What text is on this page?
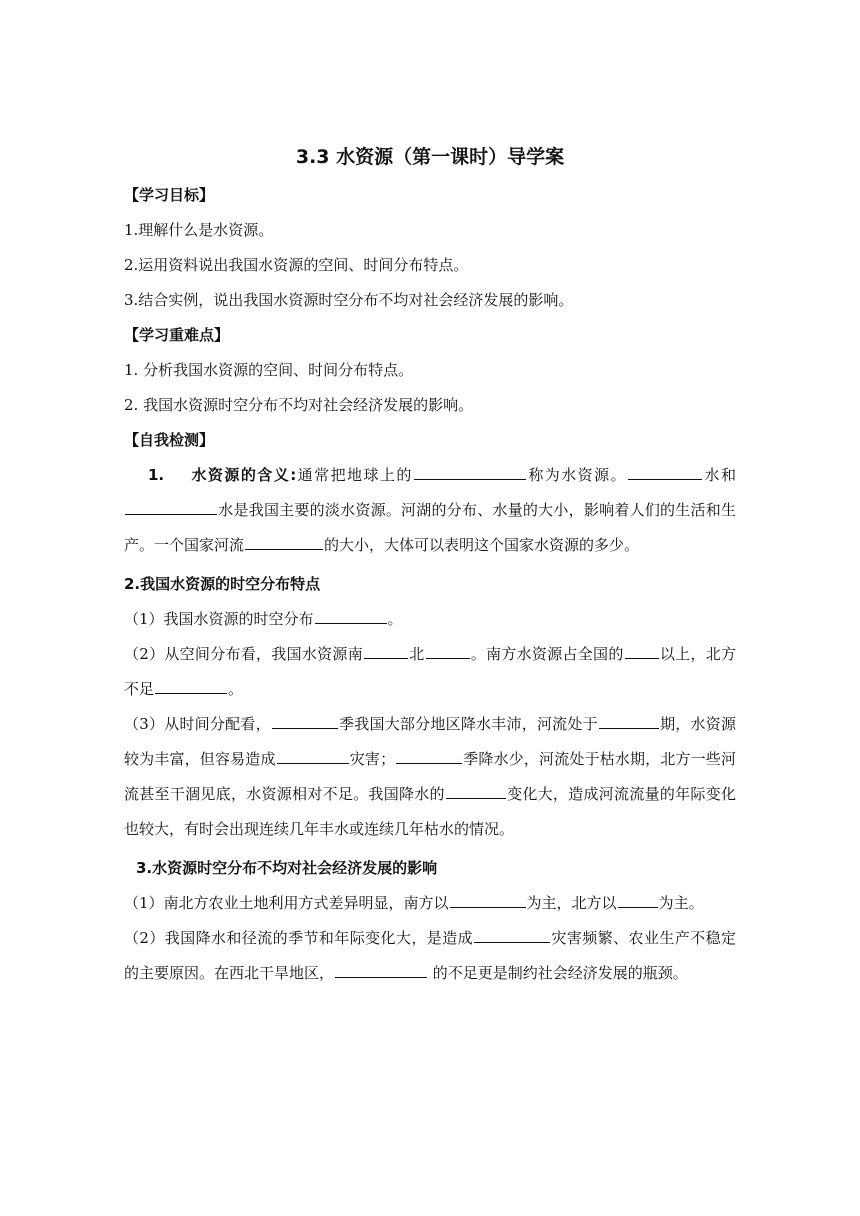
3.3 水资源（第一课时）导学案
【学习目标】
1.理解什么是水资源。
2.运用资料说出我国水资源的空间、时间分布特点。
3.结合实例，说出我国水资源时空分布不均对社会经济发展的影响。
【学习重难点】
1. 分析我国水资源的空间、时间分布特点。
2. 我国水资源时空分布不均对社会经济发展的影响。
【自我检测】
1. 水资源的含义:通常把地球上的	称为水资源。	水和水是我国主要的淡水资源。河湖的分布、水量的大小，影响着人们的生活和生产。一个国家河流	的大小，大体可以表明这个国家水资源的多少。
2.我国水资源的时空分布特点
（1）我国水资源的时空分布	。
（2）从空间分布看，我国水资源南	北	。南方水资源占全国的 以上，北方不足	。
（3）从时间分配看，	季我国大部分地区降水丰沛，河流处于	期，水资源较为丰富，但容易造成	灾害；	季降水少，河流处于枯水期，北方一些河流甚至干涸见底，水资源相对不足。我国降水的	变化大，造成河流流量的年际变化也较大，有时会出现连续几年丰水或连续几年枯水的情况。
3.水资源时空分布不均对社会经济发展的影响
（1）南北方农业土地利用方式差异明显，南方以	为主，北方以	为主。
（2）我国降水和径流的季节和年际变化大，是造成	灾害频繁、农业生产不稳定的主要原因。在西北干旱地区，	的不足更是制约社会经济发展的瓶颈。
